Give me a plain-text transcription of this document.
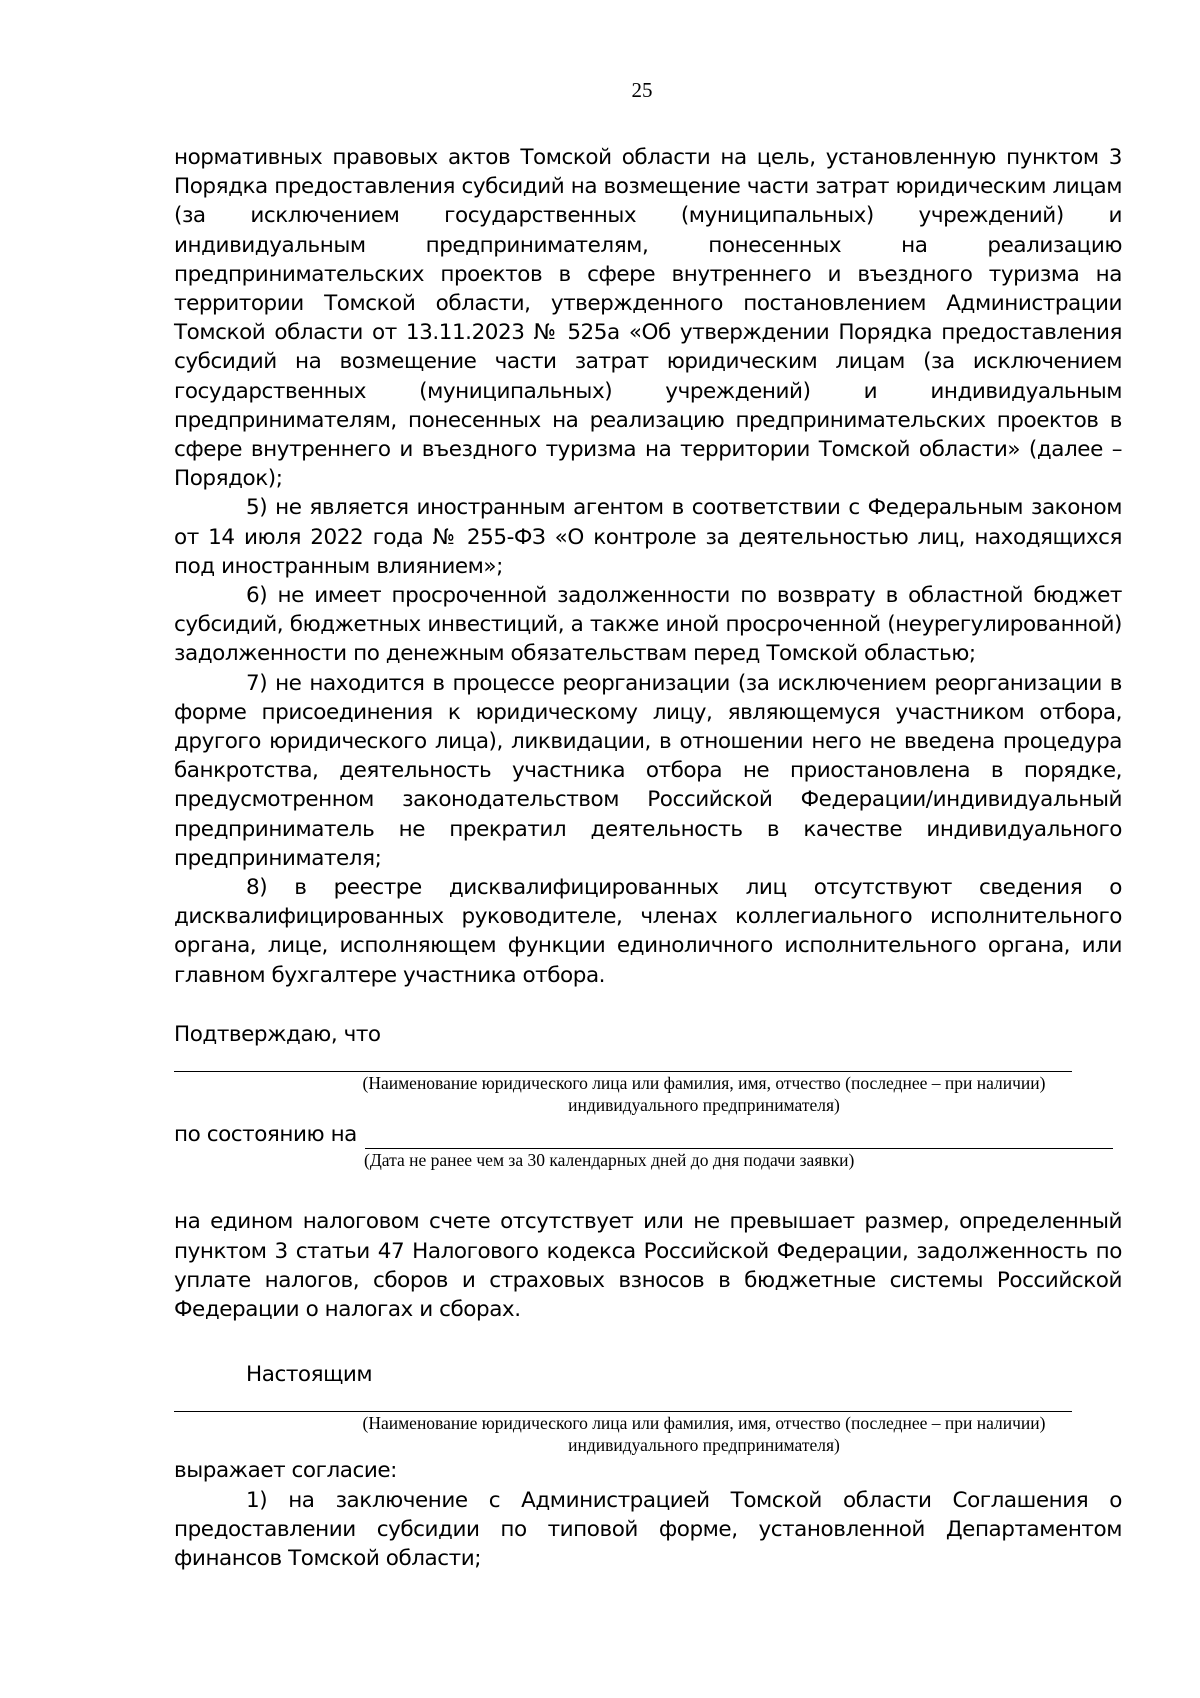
25

нормативных правовых актов Томской области на цель, установленную пунктом 3 Порядка предоставления субсидий на возмещение части затрат юридическим лицам (за исключением государственных (муниципальных) учреждений) и индивидуальным предпринимателям, понесенных на реализацию предпринимательских проектов в сфере внутреннего и въездного туризма на территории Томской области, утвержденного постановлением Администрации Томской области от 13.11.2023 № 525а «Об утверждении Порядка предоставления субсидий на возмещение части затрат юридическим лицам (за исключением государственных (муниципальных) учреждений) и индивидуальным предпринимателям, понесенных на реализацию предпринимательских проектов в сфере внутреннего и въездного туризма на территории Томской области» (далее – Порядок);

5) не является иностранным агентом в соответствии с Федеральным законом от 14 июля 2022 года № 255-ФЗ «О контроле за деятельностью лиц, находящихся под иностранным влиянием»;

6) не имеет просроченной задолженности по возврату в областной бюджет субсидий, бюджетных инвестиций, а также иной просроченной (неурегулированной) задолженности по денежным обязательствам перед Томской областью;

7) не находится в процессе реорганизации (за исключением реорганизации в форме присоединения к юридическому лицу, являющемуся участником отбора, другого юридического лица), ликвидации, в отношении него не введена процедура банкротства, деятельность участника отбора не приостановлена в порядке, предусмотренном законодательством Российской Федерации/индивидуальный предприниматель не прекратил деятельность в качестве индивидуального предпринимателя;

8) в реестре дисквалифицированных лиц отсутствуют сведения о дисквалифицированных руководителе, членах коллегиального исполнительного органа, лице, исполняющем функции единоличного исполнительного органа, или главном бухгалтере участника отбора.

Подтверждаю, что

(Наименование юридического лица или фамилия, имя, отчество (последнее – при наличии)
индивидуального предпринимателя)
по состоянию на
(Дата не ранее чем за 30 календарных дней до дня подачи заявки)

на едином налоговом счете отсутствует или не превышает размер, определенный пунктом 3 статьи 47 Налогового кодекса Российской Федерации, задолженность по уплате налогов, сборов и страховых взносов в бюджетные системы Российской Федерации о налогах и сборах.

Настоящим

(Наименование юридического лица или фамилия, имя, отчество (последнее – при наличии)
индивидуального предпринимателя)

выражает согласие:

1) на заключение с Администрацией Томской области Соглашения о предоставлении субсидии по типовой форме, установленной Департаментом финансов Томской области;
